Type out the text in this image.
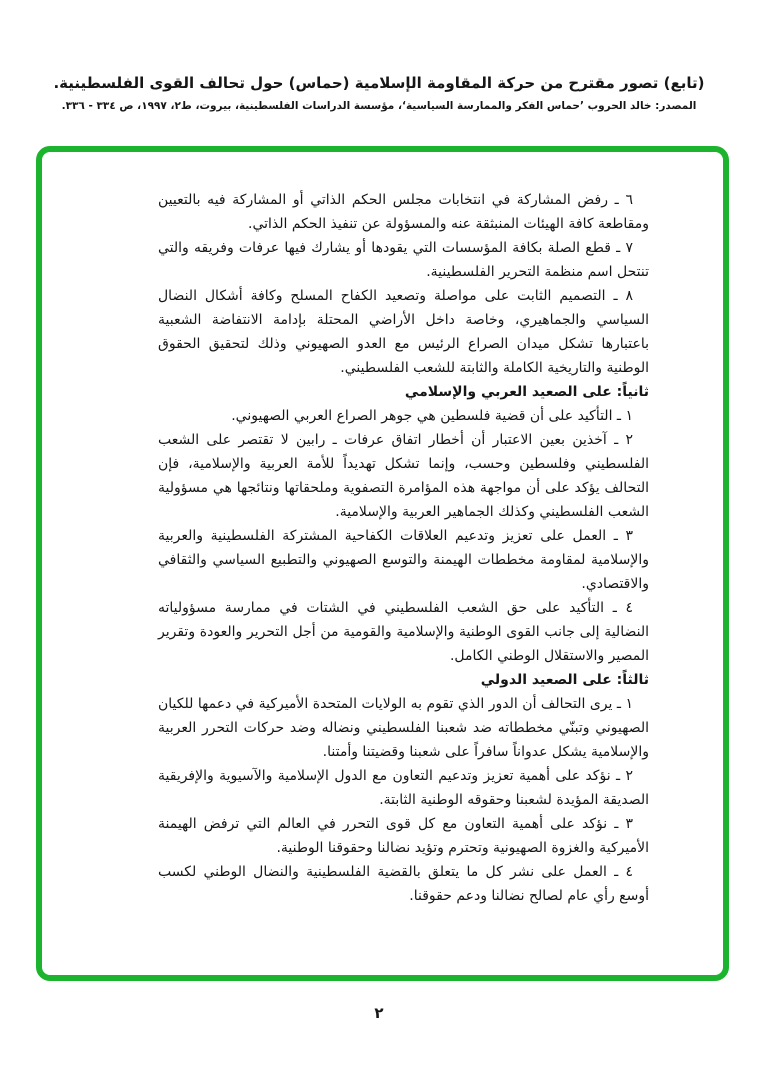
(تابع) تصور مقترح من حركة المقاومة الإسلامية (حماس) حول تحالف القوى الفلسطينية.
المصدر: خالد الحروب ’حماس الفكر والممارسة السياسية‘، مؤسسة الدراسات الفلسطينية، بيروت، ط٢، ١٩٩٧، ص ٣٣٤ - ٣٣٦.

٦ ـ رفض المشاركة في انتخابات مجلس الحكم الذاتي أو المشاركة فيه بالتعيين ومقاطعة كافة الهيئات المنبثقة عنه والمسؤولة عن تنفيذ الحكم الذاتي.

٧ ـ قطع الصلة بكافة المؤسسات التي يقودها أو يشارك فيها عرفات وفريقه والتي تنتحل اسم منظمة التحرير الفلسطينية.

٨ ـ التصميم الثابت على مواصلة وتصعيد الكفاح المسلح وكافة أشكال النضال السياسي والجماهيري، وخاصة داخل الأراضي المحتلة بإدامة الانتفاضة الشعبية باعتبارها تشكل ميدان الصراع الرئيس مع العدو الصهيوني وذلك لتحقيق الحقوق الوطنية والتاريخية الكاملة والثابتة للشعب الفلسطيني.

ثانياً: على الصعيد العربي والإسلامي

١ ـ التأكيد على أن قضية فلسطين هي جوهر الصراع العربي الصهيوني.

٢ ـ آخذين بعين الاعتبار أن أخطار اتفاق عرفات ـ رابين لا تقتصر على الشعب الفلسطيني وفلسطين وحسب، وإنما تشكل تهديداً للأمة العربية والإسلامية، فإن التحالف يؤكد على أن مواجهة هذه المؤامرة التصفوية وملحقاتها ونتائجها هي مسؤولية الشعب الفلسطيني وكذلك الجماهير العربية والإسلامية.

٣ ـ العمل على تعزيز وتدعيم العلاقات الكفاحية المشتركة الفلسطينية والعربية والإسلامية لمقاومة مخططات الهيمنة والتوسع الصهيوني والتطبيع السياسي والثقافي والاقتصادي.

٤ ـ التأكيد على حق الشعب الفلسطيني في الشتات في ممارسة مسؤولياته النضالية إلى جانب القوى الوطنية والإسلامية والقومية من أجل التحرير والعودة وتقرير المصير والاستقلال الوطني الكامل.

ثالثاً: على الصعيد الدولي

١ ـ يرى التحالف أن الدور الذي تقوم به الولايات المتحدة الأميركية في دعمها للكيان الصهيوني وتبنّي مخططاته ضد شعبنا الفلسطيني ونضاله وضد حركات التحرر العربية والإسلامية يشكل عدواناً سافراً على شعبنا وقضيتنا وأمتنا.

٢ ـ نؤكد على أهمية تعزيز وتدعيم التعاون مع الدول الإسلامية والآسيوية والإفريقية الصديقة المؤيدة لشعبنا وحقوقه الوطنية الثابتة.

٣ ـ نؤكد على أهمية التعاون مع كل قوى التحرر في العالم التي ترفض الهيمنة الأميركية والغزوة الصهيونية وتحترم وتؤيد نضالنا وحقوقنا الوطنية.

٤ ـ العمل على نشر كل ما يتعلق بالقضية الفلسطينية والنضال الوطني لكسب أوسع رأي عام لصالح نضالنا ودعم حقوقنا.

٢
